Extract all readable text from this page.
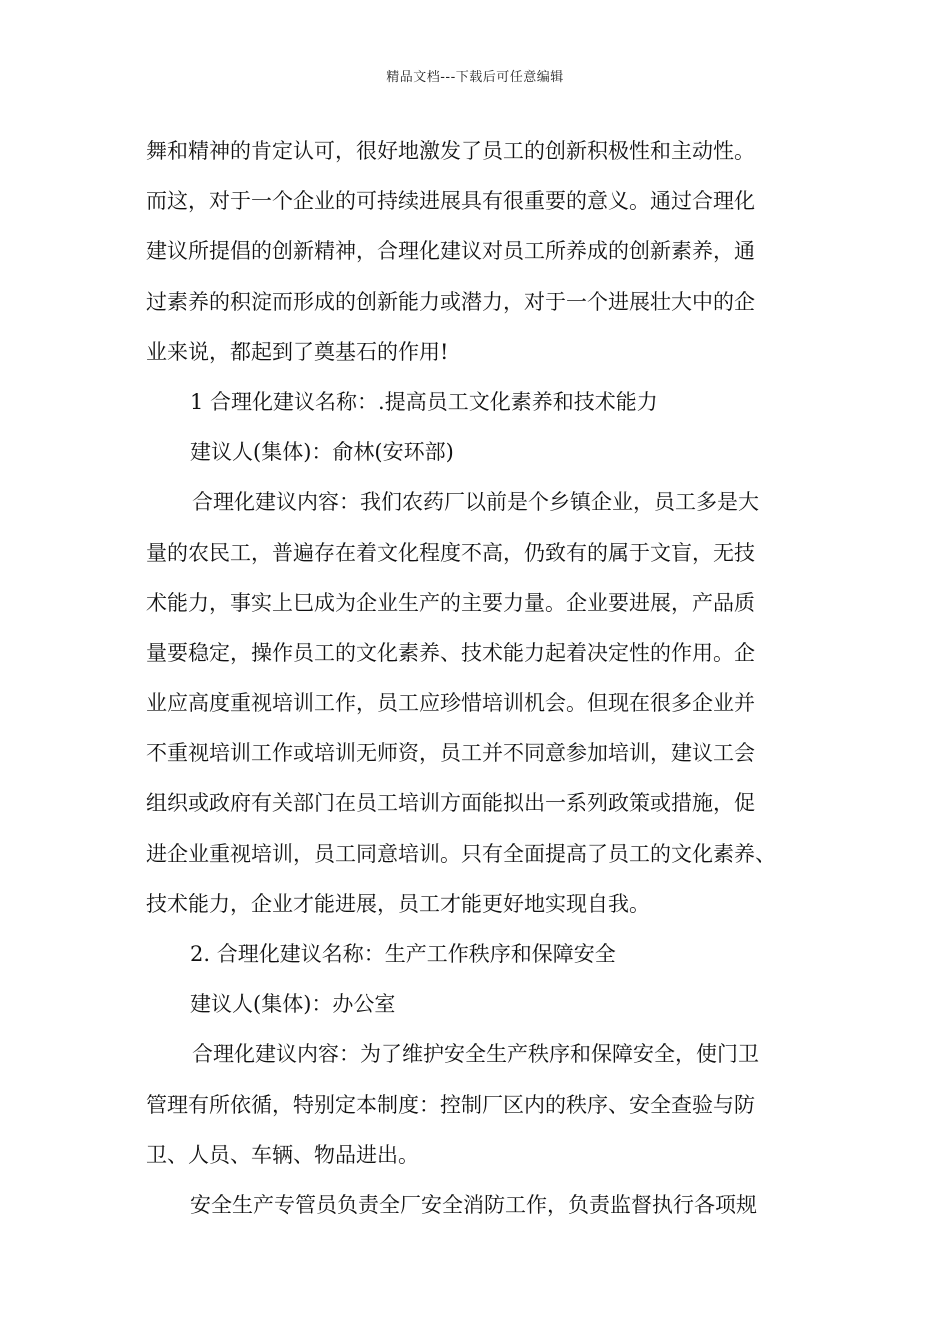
精品文档---下载后可任意编辑
舞和精神的肯定认可，很好地激发了员工的创新积极性和主动性。
而这，对于一个企业的可持续进展具有很重要的意义。通过合理化
建议所提倡的创新精神，合理化建议对员工所养成的创新素养，通
过素养的积淀而形成的创新能力或潜力，对于一个进展壮大中的企
业来说，都起到了奠基石的作用!
1 合理化建议名称：.提高员工文化素养和技术能力
建议人(集体)：俞林(安环部)
合理化建议内容：我们农药厂以前是个乡镇企业，员工多是大
量的农民工，普遍存在着文化程度不高，仍致有的属于文盲，无技
术能力，事实上巳成为企业生产的主要力量。企业要进展，产品质
量要稳定，操作员工的文化素养、技术能力起着决定性的作用。企
业应高度重视培训工作，员工应珍惜培训机会。但现在很多企业并
不重视培训工作或培训无师资，员工并不同意参加培训，建议工会
组织或政府有关部门在员工培训方面能拟出一系列政策或措施，促
进企业重视培训，员工同意培训。只有全面提高了员工的文化素养、
技术能力，企业才能进展，员工才能更好地实现自我。
2. 合理化建议名称：生产工作秩序和保障安全
建议人(集体)：办公室
合理化建议内容：为了维护安全生产秩序和保障安全，使门卫
管理有所依循，特别定本制度：控制厂区内的秩序、安全查验与防
卫、人员、车辆、物品进出。
安全生产专管员负责全厂安全消防工作，负责监督执行各项规
